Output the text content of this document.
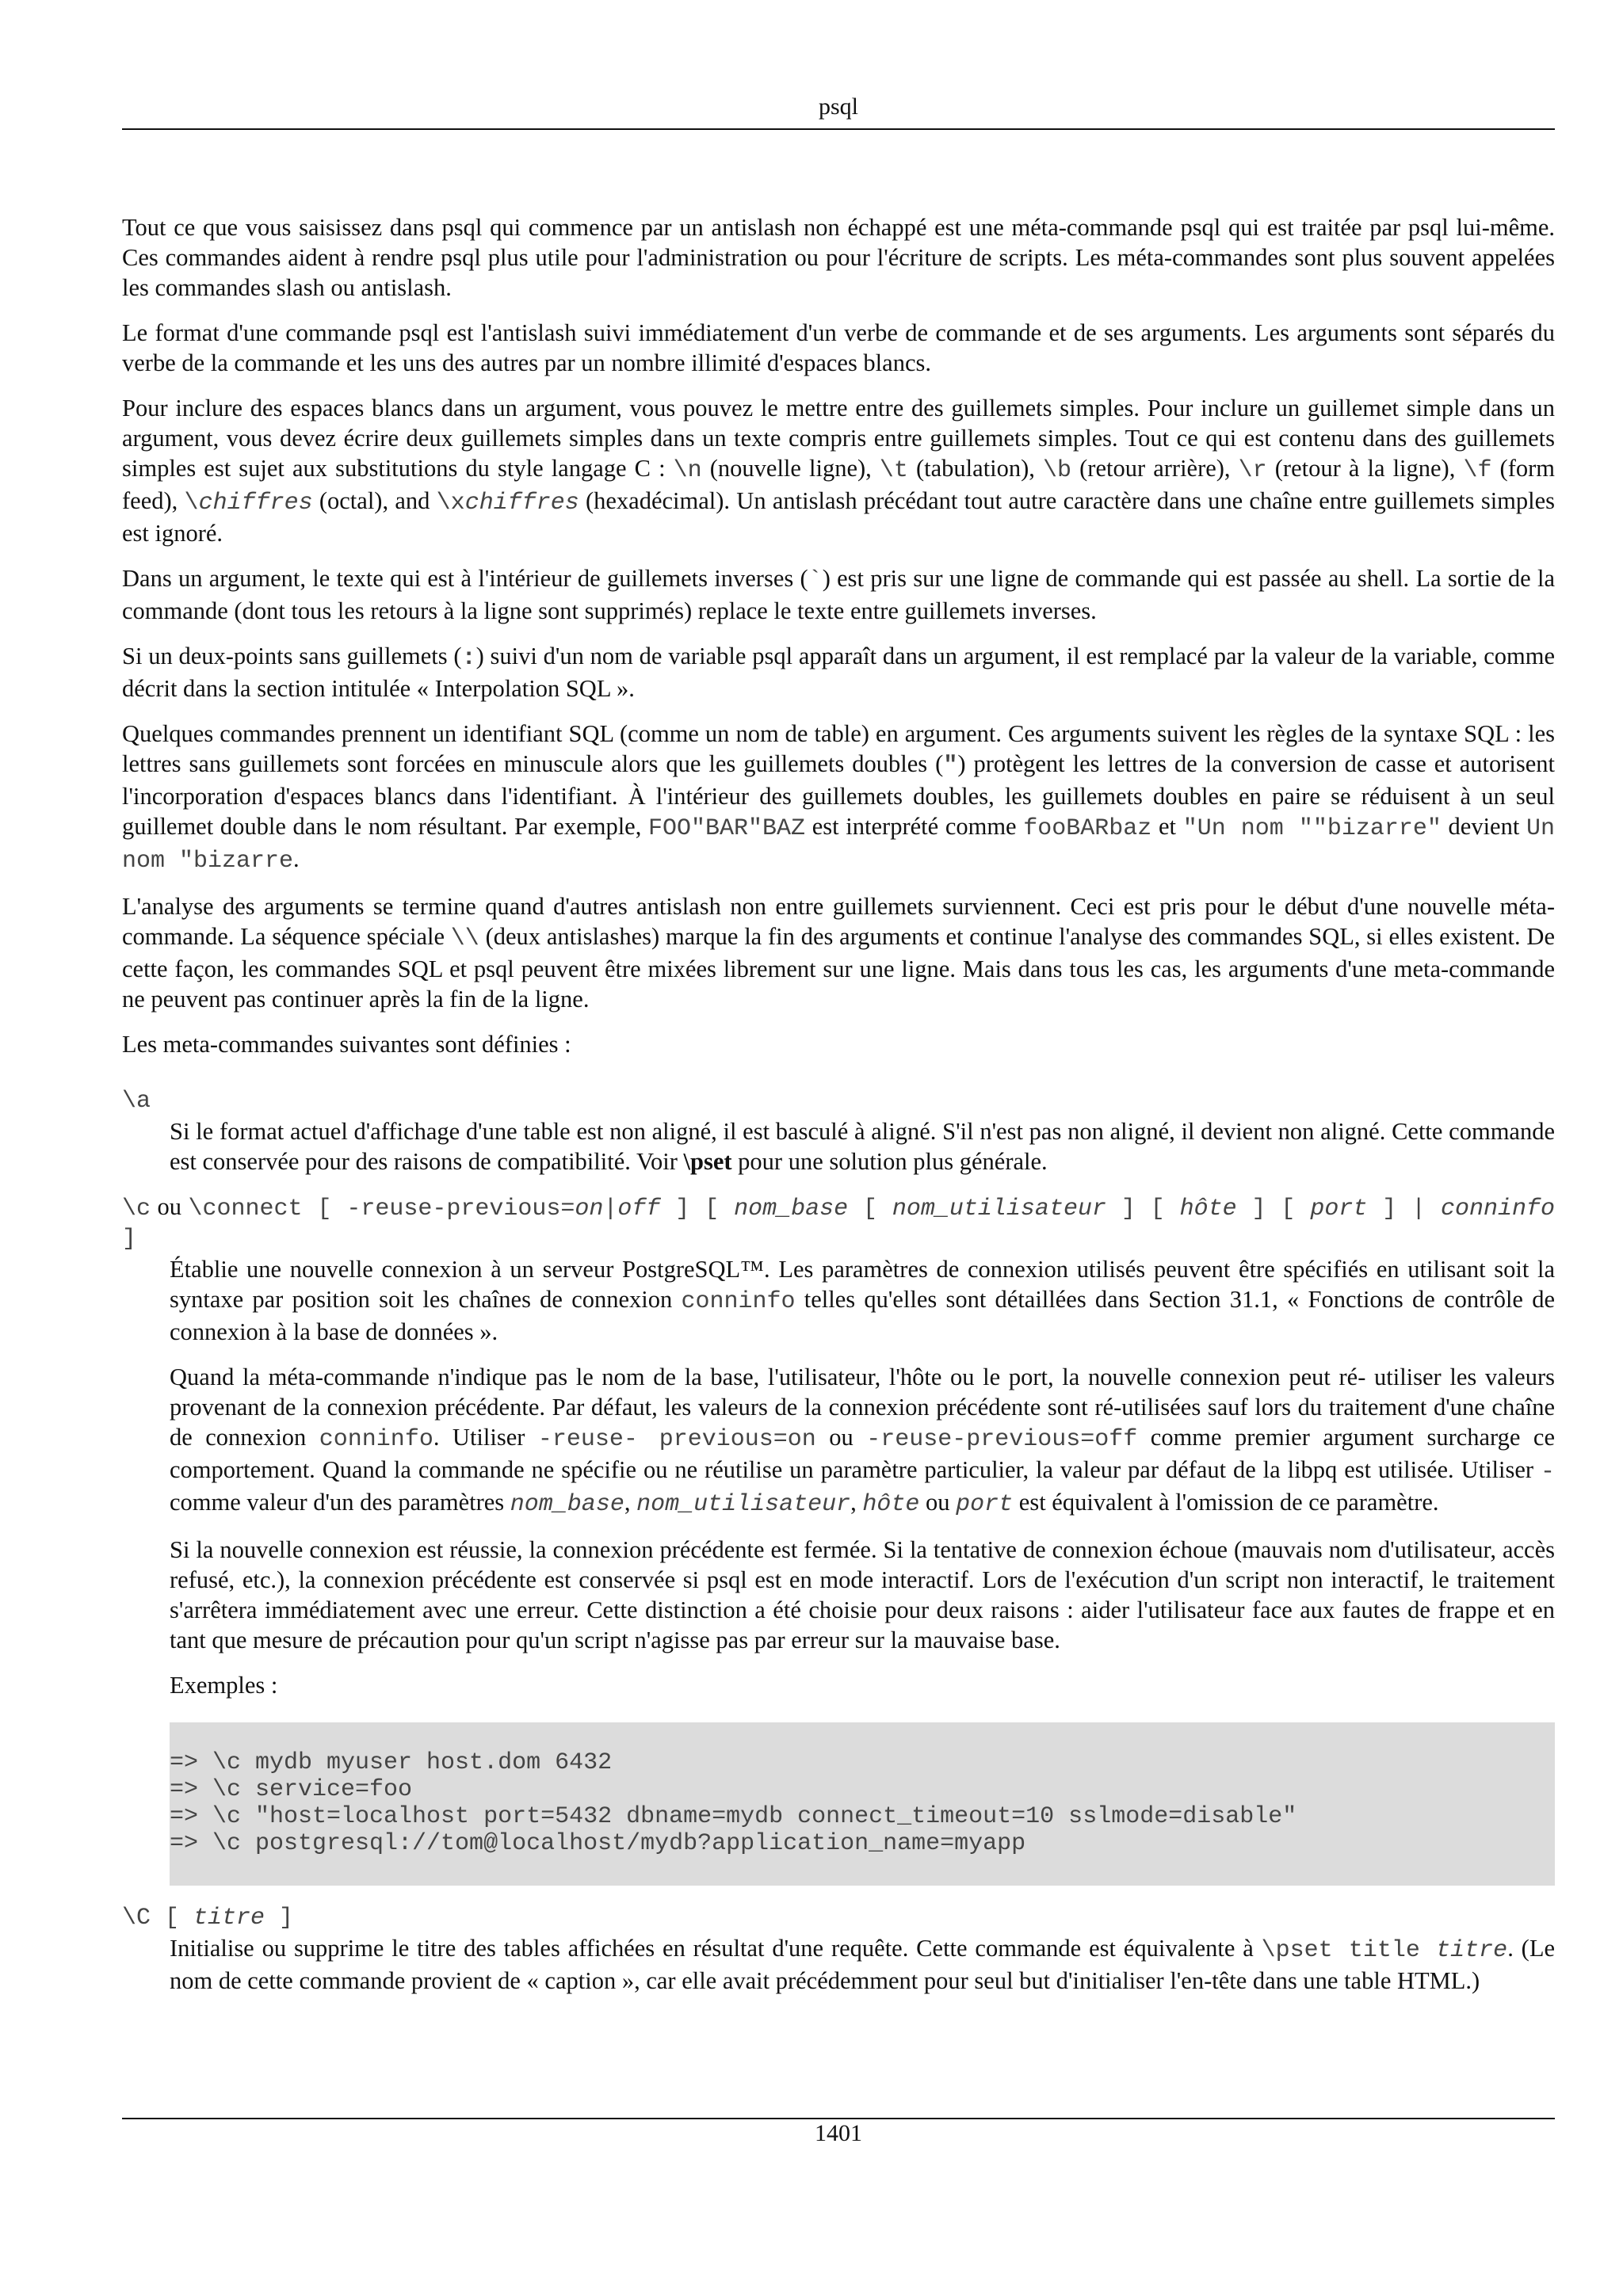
psql

Tout ce que vous saisissez dans psql qui commence par un antislash non échappé est une méta-commande psql qui est traitée par psql lui-même. Ces commandes aident à rendre psql plus utile pour l'administration ou pour l'écriture de scripts. Les méta-commandes sont plus souvent appelées les commandes slash ou antislash.

Le format d'une commande psql est l'antislash suivi immédiatement d'un verbe de commande et de ses arguments. Les arguments sont séparés du verbe de la commande et les uns des autres par un nombre illimité d'espaces blancs.

Pour inclure des espaces blancs dans un argument, vous pouvez le mettre entre des guillemets simples. Pour inclure un guillemet simple dans un argument, vous devez écrire deux guillemets simples dans un texte compris entre guillemets simples. Tout ce qui est contenu dans des guillemets simples est sujet aux substitutions du style langage C : \n (nouvelle ligne), \t (tabulation), \b (retour arrière), \r (retour à la ligne), \f (form feed), \chiffres (octal), and \xchiffres (hexadécimal). Un antislash précédant tout autre caractère dans une chaîne entre guillemets simples est ignoré.

Dans un argument, le texte qui est à l'intérieur de guillemets inverses (`) est pris sur une ligne de commande qui est passée au shell. La sortie de la commande (dont tous les retours à la ligne sont supprimés) replace le texte entre guillemets inverses.

Si un deux-points sans guillemets (:) suivi d'un nom de variable psql apparaît dans un argument, il est remplacé par la valeur de la variable, comme décrit dans la section intitulée « Interpolation SQL ».

Quelques commandes prennent un identifiant SQL (comme un nom de table) en argument. Ces arguments suivent les règles de la syntaxe SQL : les lettres sans guillemets sont forcées en minuscule alors que les guillemets doubles (") protègent les lettres de la conversion de casse et autorisent l'incorporation d'espaces blancs dans l'identifiant. À l'intérieur des guillemets doubles, les guillemets doubles en paire se réduisent à un seul guillemet double dans le nom résultant. Par exemple, FOO"BAR"BAZ est interprété comme fooBARbaz et "Un nom ""bizarre" devient Un nom "bizarre.

L'analyse des arguments se termine quand d'autres antislash non entre guillemets surviennent. Ceci est pris pour le début d'une nouvelle méta-commande. La séquence spéciale \\ (deux antislashes) marque la fin des arguments et continue l'analyse des commandes SQL, si elles existent. De cette façon, les commandes SQL et psql peuvent être mixées librement sur une ligne. Mais dans tous les cas, les arguments d'une meta-commande ne peuvent pas continuer après la fin de la ligne.

Les meta-commandes suivantes sont définies :

\a

Si le format actuel d'affichage d'une table est non aligné, il est basculé à aligné. S'il n'est pas non aligné, il devient non aligné. Cette commande est conservée pour des raisons de compatibilité. Voir \pset pour une solution plus générale.

\c ou \connect [ -reuse-previous=on|off ] [ nom_base [ nom_utilisateur ] [ hôte ] [ port ] | conninfo ]

Établie une nouvelle connexion à un serveur PostgreSQL™. Les paramètres de connexion utilisés peuvent être spécifiés en utilisant soit la syntaxe par position soit les chaînes de connexion conninfo telles qu'elles sont détaillées dans Section 31.1, « Fonctions de contrôle de connexion à la base de données ».

Quand la méta-commande n'indique pas le nom de la base, l'utilisateur, l'hôte ou le port, la nouvelle connexion peut ré- utiliser les valeurs provenant de la connexion précédente. Par défaut, les valeurs de la connexion précédente sont ré-utilisées sauf lors du traitement d'une chaîne de connexion conninfo. Utiliser -reuse- previous=on ou -reuse-previous=off comme premier argument surcharge ce comportement. Quand la commande ne spécifie ou ne réutilise un paramètre particulier, la valeur par défaut de la libpq est utilisée. Utiliser - comme valeur d'un des paramètres nom_base, nom_utilisateur, hôte ou port est équivalent à l'omission de ce paramètre.

Si la nouvelle connexion est réussie, la connexion précédente est fermée. Si la tentative de connexion échoue (mauvais nom d'utilisateur, accès refusé, etc.), la connexion précédente est conservée si psql est en mode interactif. Lors de l'exécution d'un script non interactif, le traitement s'arrêtera immédiatement avec une erreur. Cette distinction a été choisie pour deux raisons : aider l'utilisateur face aux fautes de frappe et en tant que mesure de précaution pour qu'un script n'agisse pas par erreur sur la mauvaise base.

Exemples :

=> \c mydb myuser host.dom 6432
=> \c service=foo
=> \c "host=localhost port=5432 dbname=mydb connect_timeout=10 sslmode=disable"
=> \c postgresql://tom@localhost/mydb?application_name=myapp
\C [ titre ]

Initialise ou supprime le titre des tables affichées en résultat d'une requête. Cette commande est équivalente à \pset title titre. (Le nom de cette commande provient de « caption », car elle avait précédemment pour seul but d'initialiser l'en-tête dans une table HTML.)

1401
